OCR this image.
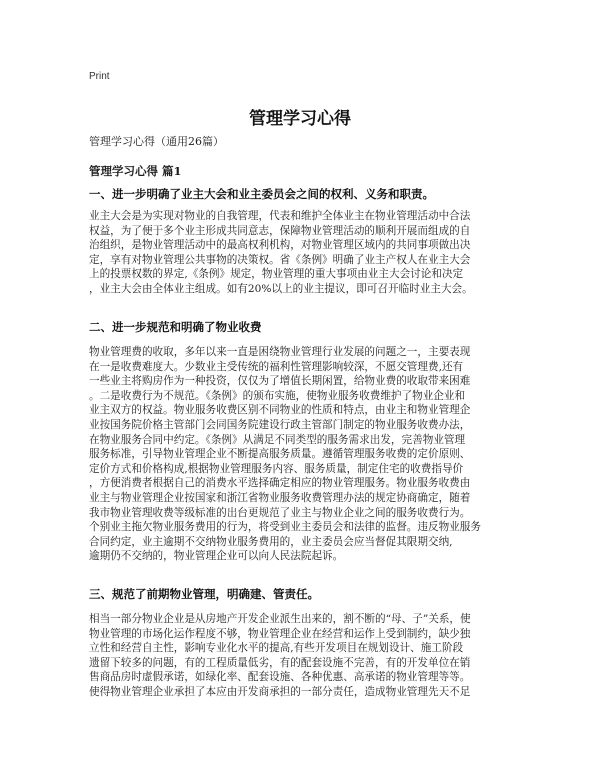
Print
管理学习心得
管理学习心得（通用26篇）
管理学习心得 篇1
一、进一步明确了业主大会和业主委员会之间的权利、义务和职责。
业主大会是为实现对物业的自我管理，代表和维护全体业主在物业管理活动中合法
权益，为了便于多个业主形成共同意志，保障物业管理活动的顺利开展而组成的自
治组织，是物业管理活动中的最高权利机构，对物业管理区域内的共同事项做出决
定，享有对物业管理公共事物的决策权。省《条例》明确了业主产权人在业主大会
上的投票权数的界定,《条例》规定，物业管理的重大事项由业主大会讨论和决定
，业主大会由全体业主组成。如有20%以上的业主提议，即可召开临时业主大会。
二、进一步规范和明确了物业收费
物业管理费的收取，多年以来一直是困绕物业管理行业发展的问题之一，主要表现
在一是收费难度大。少数业主受传统的福利性管理影响较深，不愿交管理费,还有
一些业主将购房作为一种投资，仅仅为了增值长期闲置，给物业费的收取带来困难
。二是收费行为不规范。《条例》的颁布实施，使物业服务收费维护了物业企业和
业主双方的权益。物业服务收费区别不同物业的性质和特点，由业主和物业管理企
业按国务院价格主管部门会同国务院建设行政主管部门制定的物业服务收费办法，
在物业服务合同中约定。《条例》从满足不同类型的服务需求出发，完善物业管理
服务标准，引导物业管理企业不断提高服务质量。遵循管理服务收费的定价原则、
定价方式和价格构成,根据物业管理服务内容、服务质量，制定住宅的收费指导价
，方便消费者根据自己的消费水平选择确定相应的物业管理服务。物业服务收费由
业主与物业管理企业按国家和浙江省物业服务收费管理办法的规定协商确定，随着
我市物业管理收费等级标准的出台更规范了业主与物业企业之间的服务收费行为。
个别业主拖欠物业服务费用的行为，将受到业主委员会和法律的监督。违反物业服务
合同约定，业主逾期不交纳物业服务费用的，业主委员会应当督促其限期交纳,
逾期仍不交纳的，物业管理企业可以向人民法院起诉。
三、规范了前期物业管理，明确建、管责任。
相当一部分物业企业是从房地产开发企业派生出来的，割不断的“母、子”关系，使
物业管理的市场化运作程度不够，物业管理企业在经营和运作上受到制约，缺少独
立性和经营自主性，影响专业化水平的提高,有些开发项目在规划设计、施工阶段
遗留下较多的问题，有的工程质量低劣，有的配套设施不完善，有的开发单位在销
售商品房时虚假承诺，如绿化率、配套设施、各种优惠、高承诺的物业管理等等。
使得物业管理企业承担了本应由开发商承担的一部分责任，造成物业管理先天不足
